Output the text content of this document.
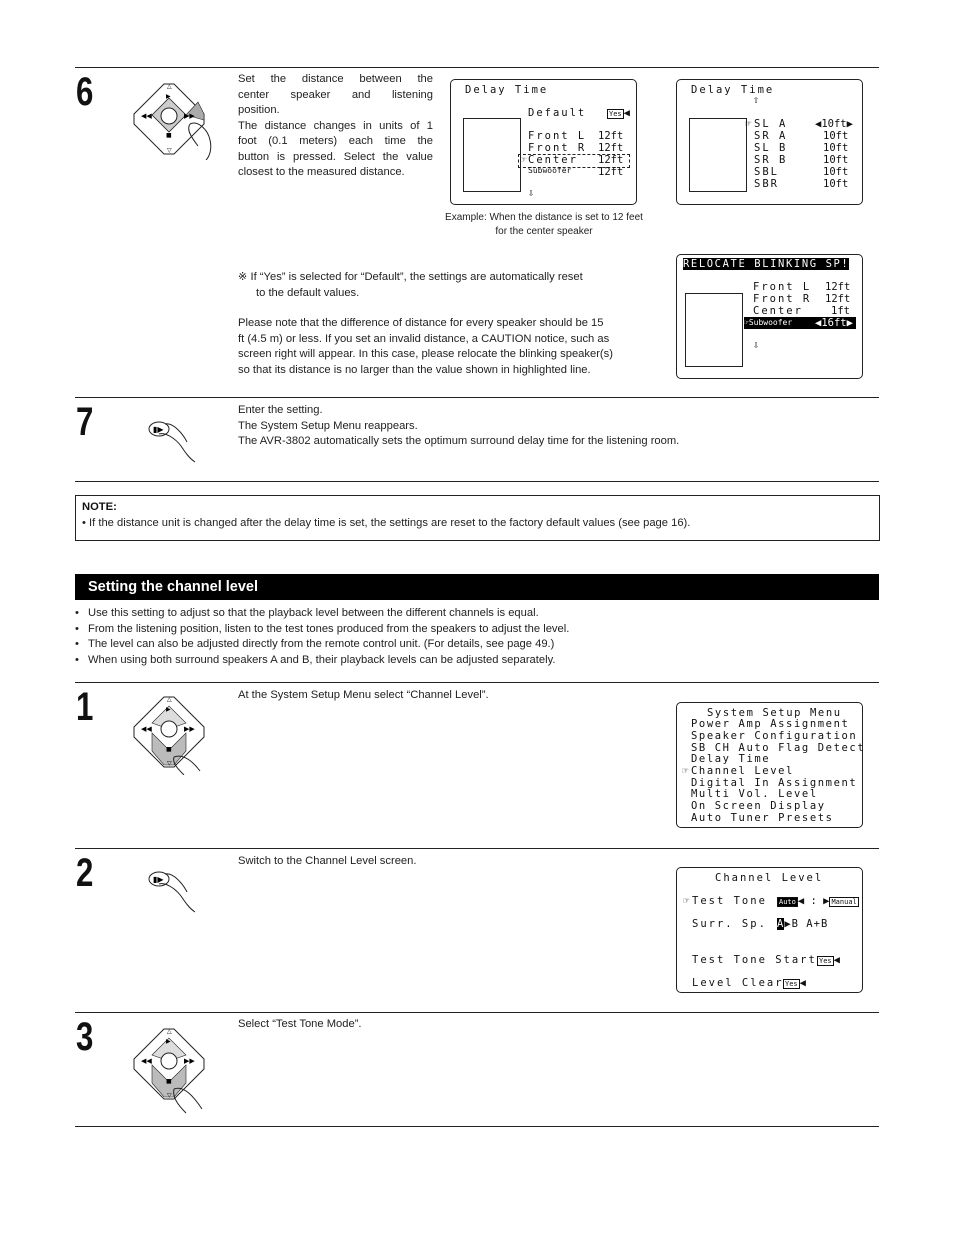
6	▶
■
◀◀	▶▶
△
▽
Set the distance between the
center speaker and listening
position.
The distance changes in units of 1
foot (0.1 meters) each time the
button is pressed. Select the value
closest to the measured distance.
Delay Time
Default	Yes ◀
Front L 12ft
Front R 12ft
☞ Center 12ft
Subwoofer	12ft
⇩
Delay Time
⇧
☞ SL A	◀10ft▶
SR A	10ft
SL B	10ft
SR B	10ft
SBL	10ft
SBR	10ft
Example: When the distance is set to 12 feet
for the center speaker
※ If “Yes” is selected for “Default”, the settings are automatically reset
to the default values.
Please note that the difference of distance for every speaker should be 15
ft (4.5 m) or less. If you set an invalid distance, a CAUTION notice, such as
screen right will appear. In this case, please relocate the blinking speaker(s)
so that its distance is no larger than the value shown in highlighted line.
RELOCATE BLINKING SP!
Front L 12ft
Front R 12ft
Center	1ft
☞Subwoofer	◀16ft▶
⇩
7	▮▶
Enter the setting.
The System Setup Menu reappears.
The AVR-3802 automatically sets the optimum surround delay time for the listening room.
NOTE:
• If the distance unit is changed after the delay time is set, the settings are reset to the factory default values (see page 16).
Setting the channel level
• Use this setting to adjust so that the playback level between the different channels is equal.
• From the listening position, listen to the test tones produced from the speakers to adjust the level.
• The level can also be adjusted directly from the remote control unit. (For details, see page 49.)
• When using both surround speakers A and B, their playback levels can be adjusted separately.
1	▶
■
◀◀	▶▶
△
▽
At the System Setup Menu select “Channel Level”.
System Setup Menu
Power Amp Assignment
Speaker Configuration
SB CH Auto Flag Detect
Delay Time
☞ Channel Level
Digital In Assignment
Multi Vol. Level
On Screen Display
Auto Tuner Presets
2	▮▶
Switch to the Channel Level screen.
Channel Level
☞ Test Tone Auto ◀ : ▶ Manual
Surr. Sp. A▶B A+B
Test Tone Start Yes ◀
Level Clear Yes ◀
3	▶
■
◀◀	▶▶
△
▽
Select “Test Tone Mode”.
